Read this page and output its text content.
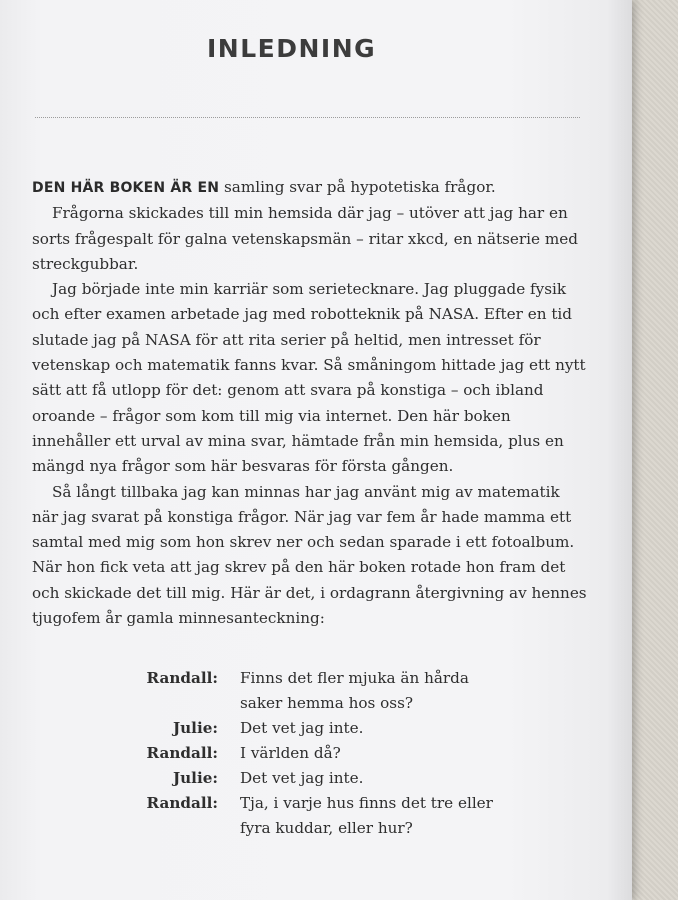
INLEDNING

DEN HÄR BOKEN ÄR EN samling svar på hypotetiska frågor.

Frågorna skickades till min hemsida där jag – utöver att jag har en sorts frågespalt för galna vetenskapsmän – ritar xkcd, en nätserie med streckgubbar.

Jag började inte min karriär som serietecknare. Jag pluggade fysik och efter examen arbetade jag med robotteknik på NASA. Efter en tid slutade jag på NASA för att rita serier på heltid, men intresset för vetenskap och matematik fanns kvar. Så småningom hittade jag ett nytt sätt att få utlopp för det: genom att svara på konstiga – och ibland oroande – frågor som kom till mig via internet. Den här boken innehåller ett urval av mina svar, hämtade från min hemsida, plus en mängd nya frågor som här besvaras för första gången.

Så långt tillbaka jag kan minnas har jag använt mig av matematik när jag svarat på konstiga frågor. När jag var fem år hade mamma ett samtal med mig som hon skrev ner och sedan sparade i ett fotoalbum. När hon fick veta att jag skrev på den här boken rotade hon fram det och skickade det till mig. Här är det, i ordagrann återgivning av hennes tjugofem år gamla minnesanteckning:

Randall: Finns det fler mjuka än hårda saker hemma hos oss?
Julie: Det vet jag inte.
Randall: I världen då?
Julie: Det vet jag inte.
Randall: Tja, i varje hus finns det tre eller fyra kuddar, eller hur?
